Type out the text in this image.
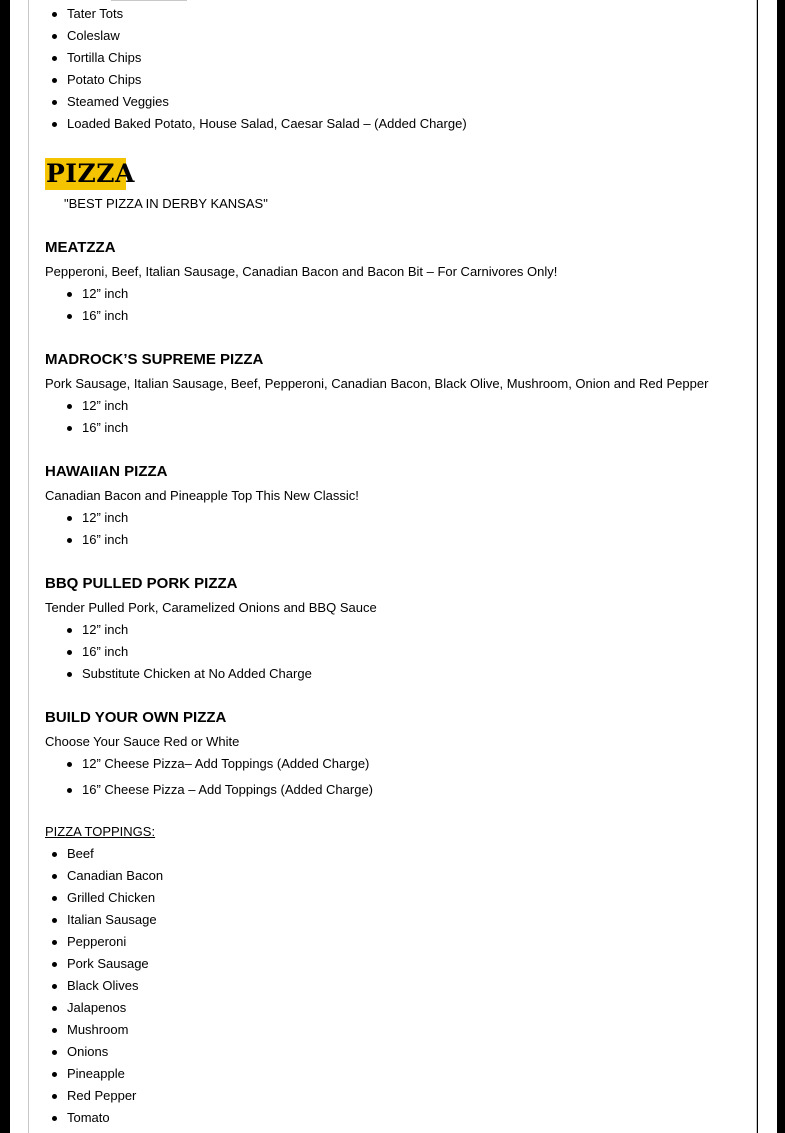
Tater Tots
Coleslaw
Tortilla Chips
Potato Chips
Steamed Veggies
Loaded Baked Potato, House Salad, Caesar Salad – (Added Charge)
PIZZA
"BEST PIZZA IN DERBY KANSAS"
MEATZZA
Pepperoni, Beef, Italian Sausage, Canadian Bacon and Bacon Bit – For Carnivores Only!
12” inch
16” inch
MADROCK’S SUPREME PIZZA
Pork Sausage, Italian Sausage, Beef, Pepperoni, Canadian Bacon, Black Olive, Mushroom, Onion and Red Pepper
12” inch
16” inch
HAWAIIAN PIZZA
Canadian Bacon and Pineapple Top This New Classic!
12” inch
16” inch
BBQ PULLED PORK PIZZA
Tender Pulled Pork, Caramelized Onions and BBQ Sauce
12” inch
16” inch
Substitute Chicken at No Added Charge
BUILD YOUR OWN PIZZA
Choose Your Sauce Red or White
12” Cheese Pizza– Add Toppings (Added Charge)
16” Cheese Pizza – Add Toppings (Added Charge)
PIZZA TOPPINGS:
Beef
Canadian Bacon
Grilled Chicken
Italian Sausage
Pepperoni
Pork Sausage
Black Olives
Jalapenos
Mushroom
Onions
Pineapple
Red Pepper
Tomato
